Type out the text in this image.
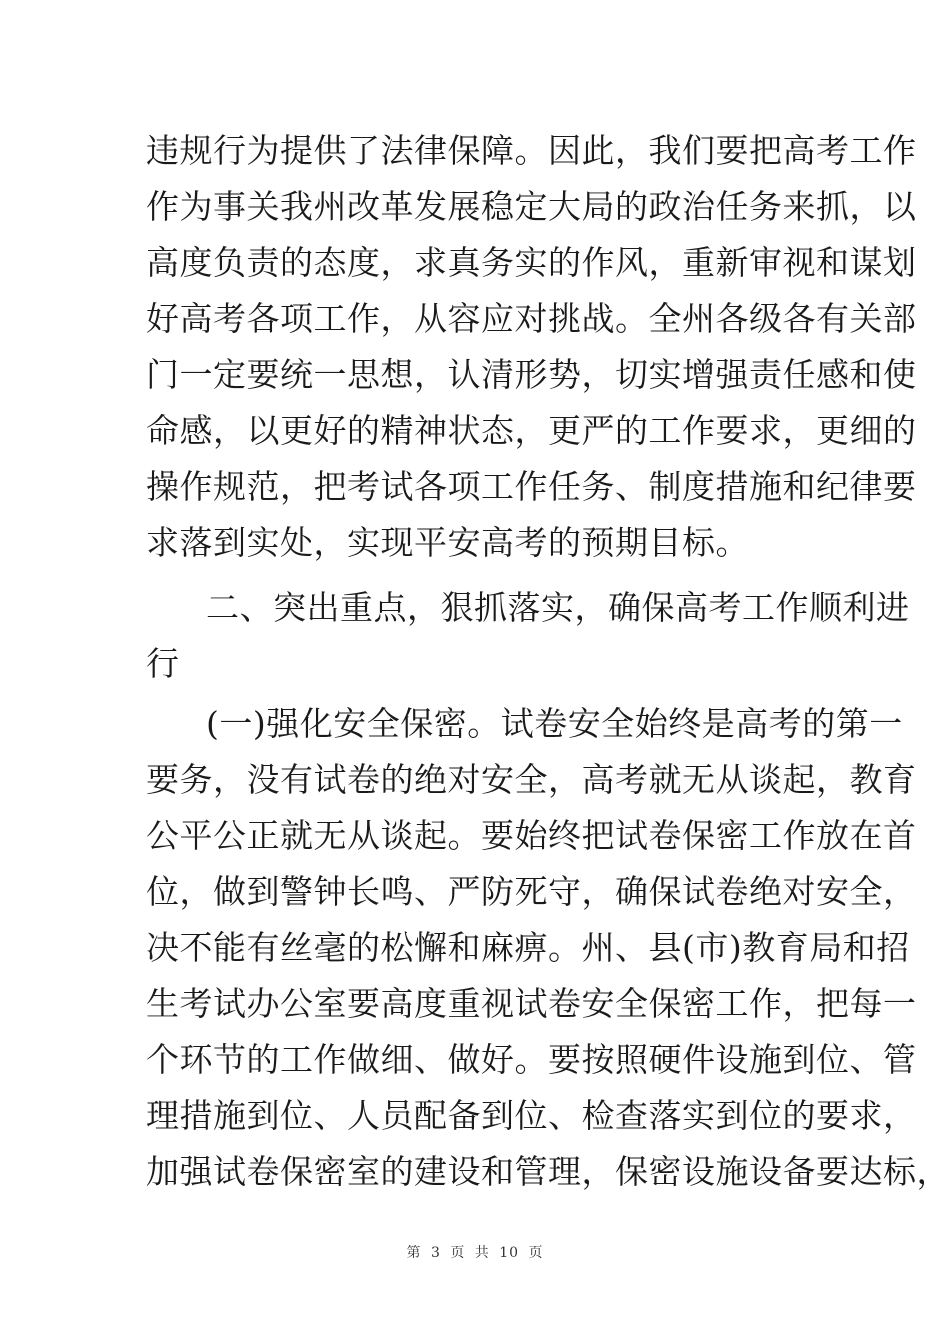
违规行为提供了法律保障。因此，我们要把高考工作
作为事关我州改革发展稳定大局的政治任务来抓，以
高度负责的态度，求真务实的作风，重新审视和谋划
好高考各项工作，从容应对挑战。全州各级各有关部
门一定要统一思想，认清形势，切实增强责任感和使
命感，以更好的精神状态，更严的工作要求，更细的
操作规范，把考试各项工作任务、制度措施和纪律要
求落到实处，实现平安高考的预期目标。
二、突出重点，狠抓落实，确保高考工作顺利进
行
(一)强化安全保密。试卷安全始终是高考的第一
要务，没有试卷的绝对安全，高考就无从谈起，教育
公平公正就无从谈起。要始终把试卷保密工作放在首
位，做到警钟长鸣、严防死守，确保试卷绝对安全，
决不能有丝毫的松懈和麻痹。州、县(市)教育局和招
生考试办公室要高度重视试卷安全保密工作，把每一
个环节的工作做细、做好。要按照硬件设施到位、管
理措施到位、人员配备到位、检查落实到位的要求，
加强试卷保密室的建设和管理，保密设施设备要达标，
第 3 页 共 10 页
